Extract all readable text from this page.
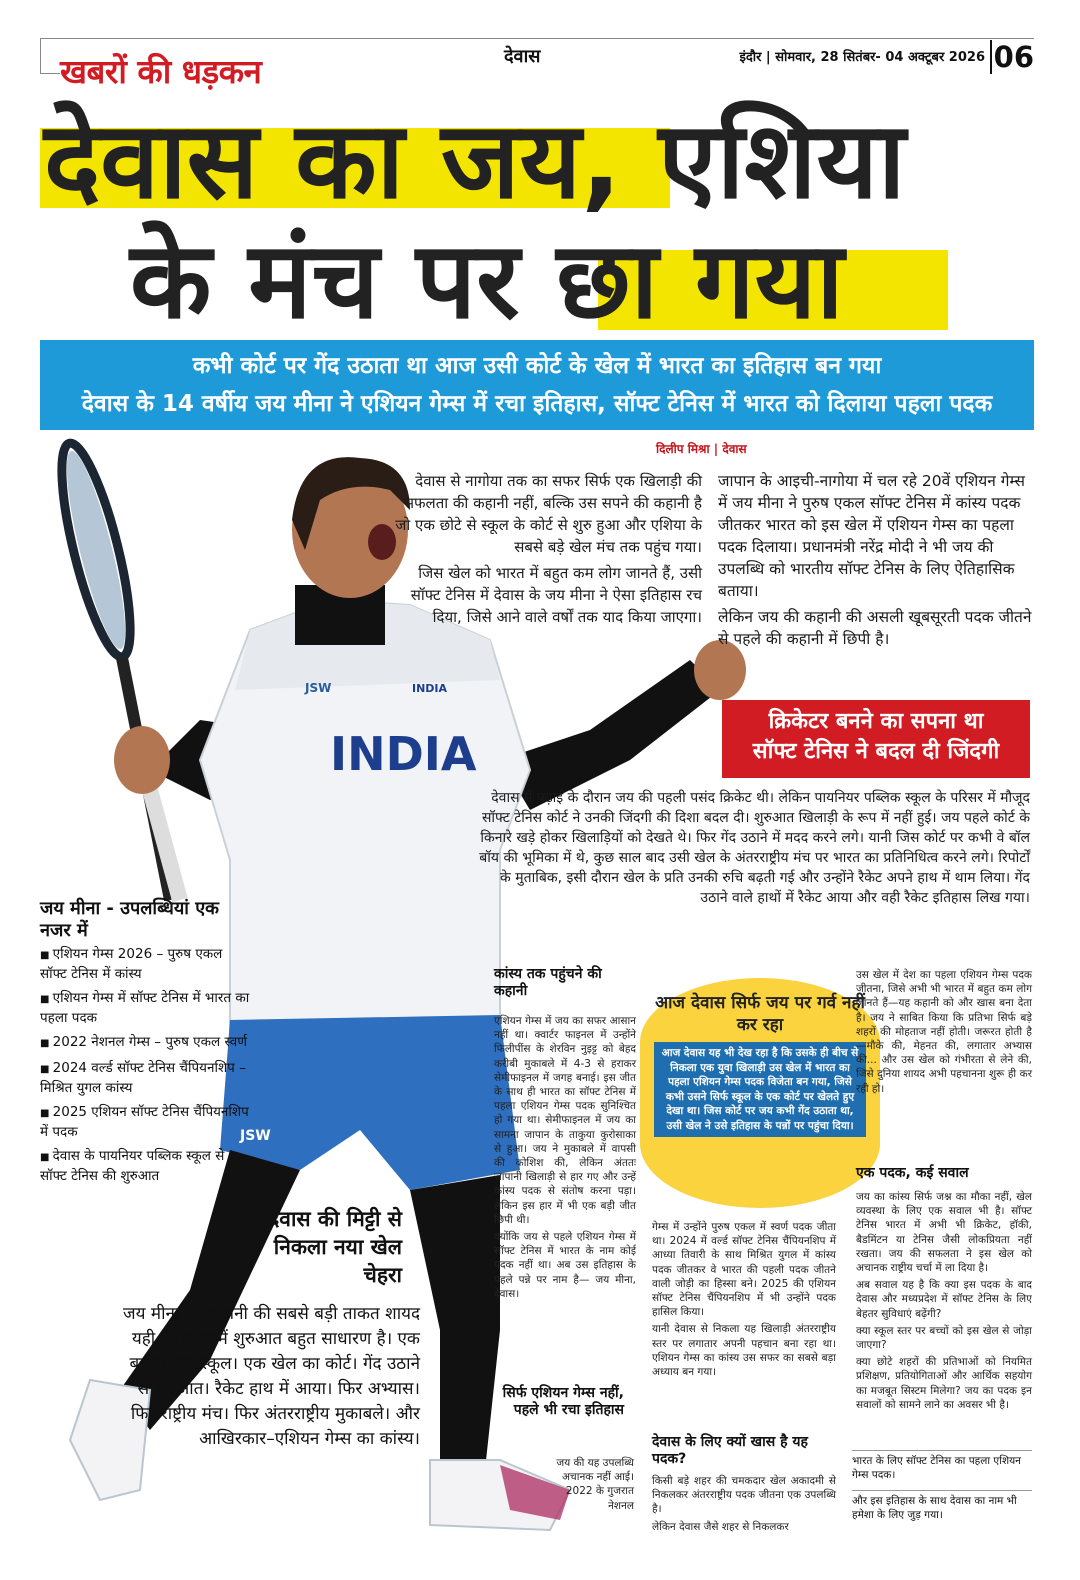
खबरों की धड़कन	देवास	इंदौर | सोमवार, 28 सितंबर- 04 अक्टूबर 2026 06
देवास का जय, एशिया
के मंच पर छा गया
कभी कोर्ट पर गेंद उठाता था आज उसी कोर्ट के खेल में भारत का इतिहास बन गया
देवास के 14 वर्षीय जय मीना ने एशियन गेम्स में रचा इतिहास, सॉफ्ट टेनिस में भारत को दिलाया पहला पदक
दिलीप मिश्रा | देवास
INDIA
INDIA
JSW
JSW

देवास से नागोया तक का सफर सिर्फ एक खिलाड़ी की सफलता की कहानी नहीं, बल्कि उस सपने की कहानी है जो एक छोटे से स्कूल के कोर्ट से शुरु हुआ और एशिया के सबसे बड़े खेल मंच तक पहुंच गया।

जिस खेल को भारत में बहुत कम लोग जानते हैं, उसी सॉफ्ट टेनिस में देवास के जय मीना ने ऐसा इतिहास रच दिया, जिसे आने वाले वर्षों तक याद किया जाएगा।

जापान के आइची-नागोया में चल रहे 20वें एशियन गेम्स में जय मीना ने पुरुष एकल सॉफ्ट टेनिस में कांस्य पदक जीतकर भारत को इस खेल में एशियन गेम्स का पहला पदक दिलाया। प्रधानमंत्री नरेंद्र मोदी ने भी जय की उपलब्धि को भारतीय सॉफ्ट टेनिस के लिए ऐतिहासिक बताया।

लेकिन जय की कहानी की असली खूबसूरती पदक जीतने से पहले की कहानी में छिपी है।

क्रिकेटर बनने का सपना था
सॉफ्ट टेनिस ने बदल दी जिंदगी
देवास में पढ़ाई के दौरान जय की पहली पसंद क्रिकेट थी। लेकिन पायनियर पब्लिक स्कूल के परिसर में मौजूद सॉफ्ट टेनिस कोर्ट ने उनकी जिंदगी की दिशा बदल दी। शुरुआत खिलाड़ी के रूप में नहीं हुई। जय पहले कोर्ट के किनारे खड़े होकर खिलाड़ियों को देखते थे। फिर गेंद उठाने में मदद करने लगे। यानी जिस कोर्ट पर कभी वे बॉल बॉय की भूमिका में थे, कुछ साल बाद उसी खेल के अंतरराष्ट्रीय मंच पर भारत का प्रतिनिधित्व करने लगे। रिपोर्टों के मुताबिक, इसी दौरान खेल के प्रति उनकी रुचि बढ़ती गई और उन्होंने रैकेट अपने हाथ में थाम लिया। गेंद उठाने वाले हाथों में रैकेट आया और वही रैकेट इतिहास लिख गया।
जय मीना - उपलब्धियां एक नजर में
■ एशियन गेम्स 2026 – पुरुष एकल सॉफ्ट टेनिस में कांस्य
■ एशियन गेम्स में सॉफ्ट टेनिस में भारत का पहला पदक
■ 2022 नेशनल गेम्स – पुरुष एकल स्वर्ण
■ 2024 वर्ल्ड सॉफ्ट टेनिस चैंपियनशिप – मिश्रित युगल कांस्य
■ 2025 एशियन सॉफ्ट टेनिस चैंपियनशिप में पदक
■ देवास के पायनियर पब्लिक स्कूल से सॉफ्ट टेनिस की शुरुआत
कांस्य तक पहुंचने की कहानी

एशियन गेम्स में जय का सफर आसान नहीं था। क्वार्टर फाइनल में उन्होंने फिलीपींस के शेरविन नुइट्ट को बेहद करीबी मुकाबले में 4-3 से हराकर सेमीफाइनल में जगह बनाई। इस जीत के साथ ही भारत का सॉफ्ट टेनिस में पहला एशियन गेम्स पदक सुनिश्चित हो गया था। सेमीफाइनल में जय का सामना जापान के ताकुया कुरोसाका से हुआ। जय ने मुकाबले में वापसी की कोशिश की, लेकिन अंततः जापानी खिलाड़ी से हार गए और उन्हें कांस्य पदक से संतोष करना पड़ा। लेकिन इस हार में भी एक बड़ी जीत छिपी थी।

क्योंकि जय से पहले एशियन गेम्स में सॉफ्ट टेनिस में भारत के नाम कोई पदक नहीं था। अब उस इतिहास के पहले पन्ने पर नाम है— जय मीना, देवास।

सिर्फ एशियन गेम्स नहीं, पहले भी रचा इतिहास
जय की यह उपलब्धि अचानक नहीं आई। 2022 के गुजरात नेशनल
आज देवास सिर्फ जय पर गर्व नहीं कर रहा
आज देवास यह भी देख रहा है कि उसके ही बीच से निकला एक युवा खिलाड़ी उस खेल में भारत का पहला एशियन गेम्स पदक विजेता बन गया, जिसे कभी उसने सिर्फ स्कूल के एक कोर्ट पर खेलते हुए देखा था। जिस कोर्ट पर जय कभी गेंद उठाता था, उसी खेल ने उसे इतिहास के पन्नों पर पहुंचा दिया।

गेम्स में उन्होंने पुरुष एकल में स्वर्ण पदक जीता था। 2024 में वर्ल्ड सॉफ्ट टेनिस चैंपियनशिप में आध्या तिवारी के साथ मिश्रित युगल में कांस्य पदक जीतकर वे भारत की पहली पदक जीतने वाली जोड़ी का हिस्सा बने। 2025 की एशियन सॉफ्ट टेनिस चैंपियनशिप में भी उन्होंने पदक हासिल किया।

यानी देवास से निकला यह खिलाड़ी अंतरराष्ट्रीय स्तर पर लगातार अपनी पहचान बना रहा था। एशियन गेम्स का कांस्य उस सफर का सबसे बड़ा अध्याय बन गया।

देवास के लिए क्यों खास है यह पदक?

किसी बड़े शहर की चमकदार खेल अकादमी से निकलकर अंतरराष्ट्रीय पदक जीतना एक उपलब्धि है।

लेकिन देवास जैसे शहर से निकलकर

उस खेल में देश का पहला एशियन गेम्स पदक जीतना, जिसे अभी भी भारत में बहुत कम लोग जानते हैं—यह कहानी को और खास बना देता है। जय ने साबित किया कि प्रतिभा सिर्फ बड़े शहरों की मोहताज नहीं होती। जरूरत होती है—मौके की, मेहनत की, लगातार अभ्यास की... और उस खेल को गंभीरता से लेने की, जिसे दुनिया शायद अभी पहचानना शुरू ही कर रही हो।
एक पदक, कई सवाल

जय का कांस्य सिर्फ जश्न का मौका नहीं, खेल व्यवस्था के लिए एक सवाल भी है। सॉफ्ट टेनिस भारत में अभी भी क्रिकेट, हॉकी, बैडमिंटन या टेनिस जैसी लोकप्रियता नहीं रखता। जय की सफलता ने इस खेल को अचानक राष्ट्रीय चर्चा में ला दिया है।

अब सवाल यह है कि क्या इस पदक के बाद देवास और मध्यप्रदेश में सॉफ्ट टेनिस के लिए बेहतर सुविधाएं बढ़ेंगी?

क्या स्कूल स्तर पर बच्चों को इस खेल से जोड़ा जाएगा?

क्या छोटे शहरों की प्रतिभाओं को नियमित प्रशिक्षण, प्रतियोगिताओं और आर्थिक सहयोग का मजबूत सिस्टम मिलेगा? जय का पदक इन सवालों को सामने लाने का अवसर भी है।

भारत के लिए सॉफ्ट टेनिस का पहला एशियन गेम्स पदक।
और इस इतिहास के साथ देवास का नाम भी हमेशा के लिए जुड़ गया।
देवास की मिट्टी से निकला नया खेल चेहरा
जय मीना की कहानी की सबसे बड़ी ताकत शायद यही है कि इसमें शुरुआत बहुत साधारण है। एक बच्चा। एक स्कूल। एक खेल का कोर्ट। गेंद उठाने से शुरुआत। रैकेट हाथ में आया। फिर अभ्यास। फिर राष्ट्रीय मंच। फिर अंतरराष्ट्रीय मुकाबले। और आखिरकार–एशियन गेम्स का कांस्य।
